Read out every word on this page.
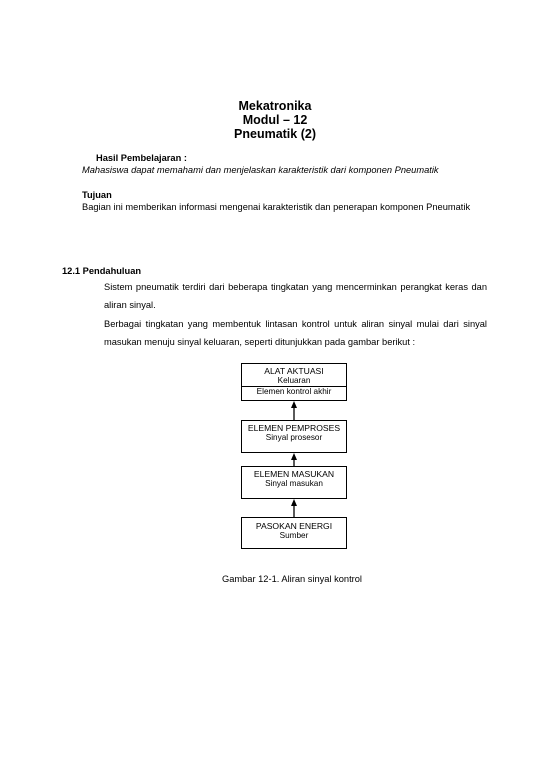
Mekatronika
Modul – 12
Pneumatik (2)
Hasil Pembelajaran :
Mahasiswa dapat memahami dan menjelaskan karakteristik dari komponen Pneumatik
Tujuan
Bagian ini memberikan informasi mengenai karakteristik dan penerapan komponen Pneumatik
12.1 Pendahuluan
Sistem pneumatik terdiri dari beberapa tingkatan yang mencerminkan perangkat keras dan aliran sinyal.
Berbagai tingkatan yang membentuk lintasan kontrol untuk aliran sinyal mulai dari sinyal masukan menuju sinyal keluaran, seperti ditunjukkan pada gambar berikut :
ALAT AKTUASI
Keluaran
Elemen kontrol akhir
ELEMEN PEMPROSES
Sinyal prosesor
ELEMEN MASUKAN
Sinyal masukan
PASOKAN ENERGI
Sumber
Gambar 12-1. Aliran sinyal kontrol
